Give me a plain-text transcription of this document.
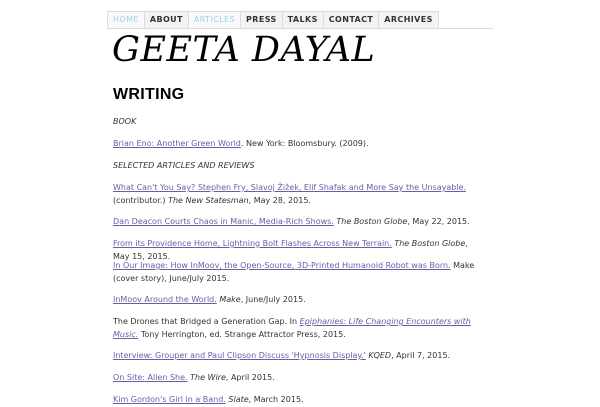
HOME	ABOUT	ARTICLES	PRESS	TALKS	CONTACT	ARCHIVES
GEETA DAYAL
WRITING
BOOK
Brian Eno: Another Green World. New York: Bloomsbury. (2009).
SELECTED ARTICLES AND REVIEWS
What Can't You Say? Stephen Fry, Slavoj Žižek, Elif Shafak and More Say the Unsayable. (contributor.) The New Statesman, May 28, 2015.
Dan Deacon Courts Chaos in Manic, Media-Rich Shows. The Boston Globe, May 22, 2015.
From its Providence Home, Lightning Bolt Flashes Across New Terrain. The Boston Globe, May 15, 2015.
In Our Image: How InMoov, the Open-Source, 3D-Printed Humanoid Robot was Born. Make (cover story), June/July 2015.
InMoov Around the World. Make, June/July 2015.
The Drones that Bridged a Generation Gap. In Epiphanies: Life Changing Encounters with Music. Tony Herrington, ed. Strange Attractor Press, 2015.
Interview: Grouper and Paul Clipson Discuss 'Hypnosis Display.' KQED, April 7, 2015.
On Site: Alien She. The Wire, April 2015.
Kim Gordon's Girl in a Band. Slate, March 2015.
